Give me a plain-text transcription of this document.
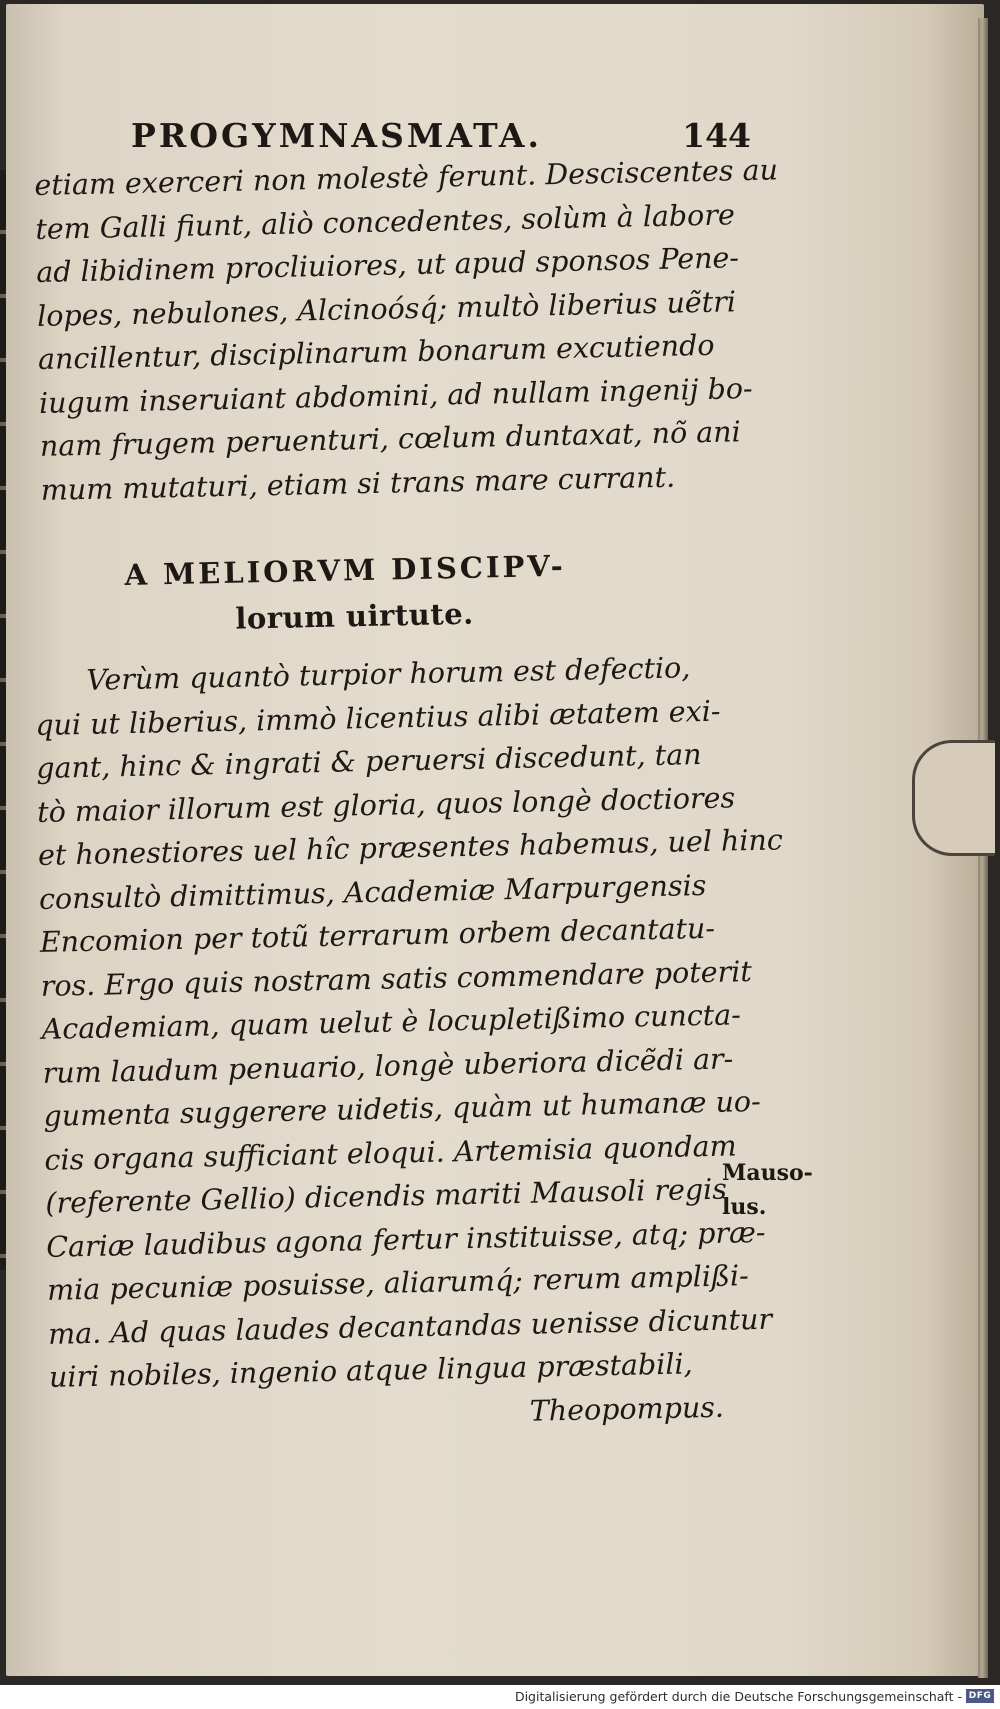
PROGYMNASMATA.	144
etiam exerceri non molestè ferunt. Desciscentes au
tem Galli fiunt, aliò concedentes, solùm à labore
ad libidinem procliuiores, ut apud sponsos Pene-
lopes, nebulones, Alcinoósq́; multò liberius uẽtri
ancillentur, disciplinarum bonarum excutiendo
iugum inseruiant abdomini, ad nullam ingenij bo-
nam frugem peruenturi, cœlum duntaxat, nõ ani
mum mutaturi, etiam si trans mare currant.
A MELIORVM DISCIPV-
lorum uirtute.
Verùm quantò turpior horum est defectio,
qui ut liberius, immò licentius alibi ætatem exi-
gant, hinc & ingrati & peruersi discedunt, tan
tò maior illorum est gloria, quos longè doctiores
et honestiores uel hîc præsentes habemus, uel hinc
consultò dimittimus, Academiæ Marpurgensis
Encomion per totũ terrarum orbem decantatu-
ros. Ergo quis nostram satis commendare poterit
Academiam, quam uelut è locupletißimo cuncta-
rum laudum penuario, longè uberiora dicẽdi ar-
gumenta suggerere uidetis, quàm ut humanæ uo-
cis organa sufficiant eloqui. Artemisia quondam
(referente Gellio) dicendis mariti Mausoli regis
Cariæ laudibus agona fertur instituisse, atq; præ-
mia pecuniæ posuisse, aliarumq́; rerum amplißi-
ma. Ad quas laudes decantandas uenisse dicuntur
uiri nobiles, ingenio atque lingua præstabili,
Theopompus.
Mauso-
lus.
Digitalisierung gefördert durch die Deutsche Forschungsgemeinschaft - DFG
